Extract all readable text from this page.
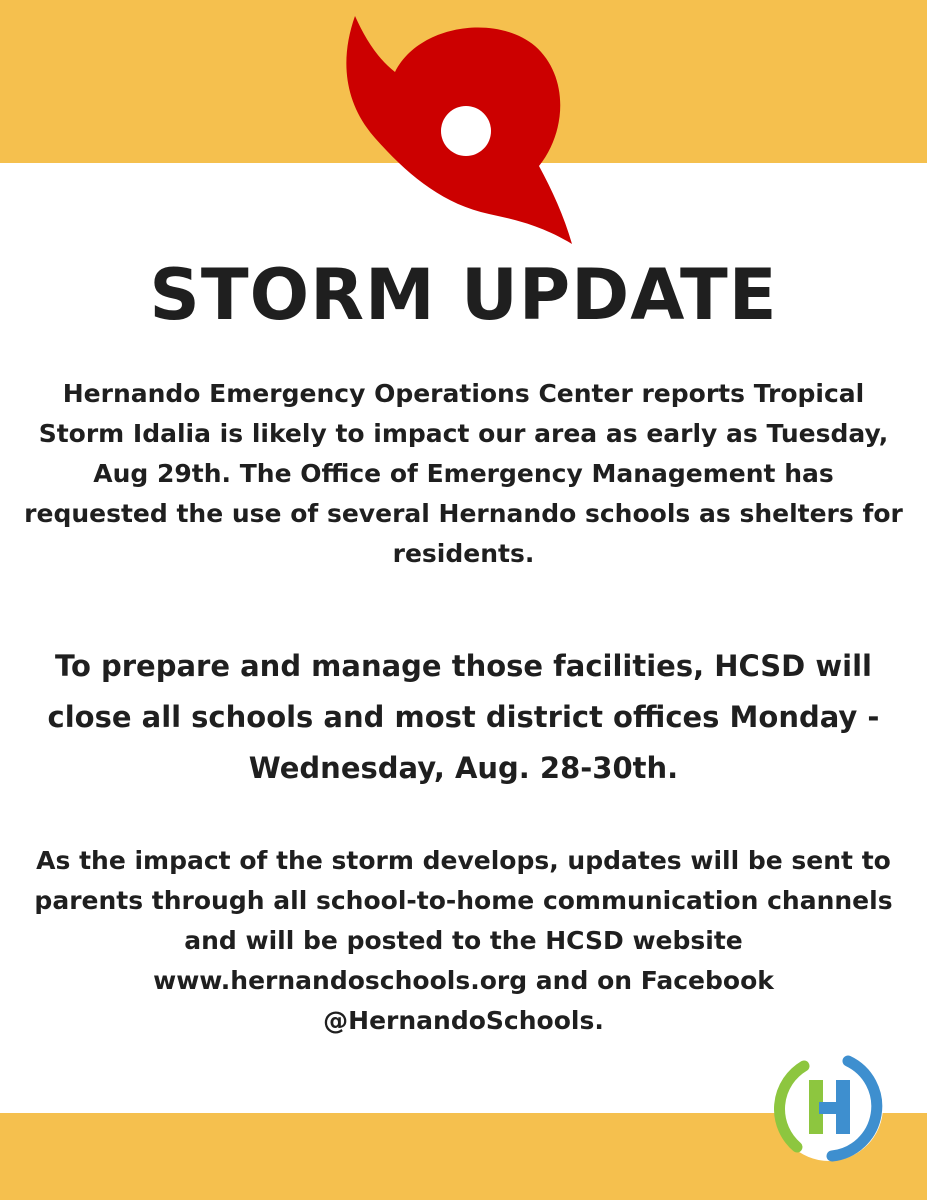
STORM UPDATE

Hernando Emergency Operations Center reports Tropical Storm Idalia is likely to impact our area as early as Tuesday, Aug 29th. The Office of Emergency Management has requested the use of several Hernando schools as shelters for residents.

To prepare and manage those facilities, HCSD will close all schools and most district offices Monday - Wednesday, Aug. 28-30th.

As the impact of the storm develops, updates will be sent to parents through all school-to-home communication channels and will be posted to the HCSD website www.hernandoschools.org and on Facebook @HernandoSchools.
